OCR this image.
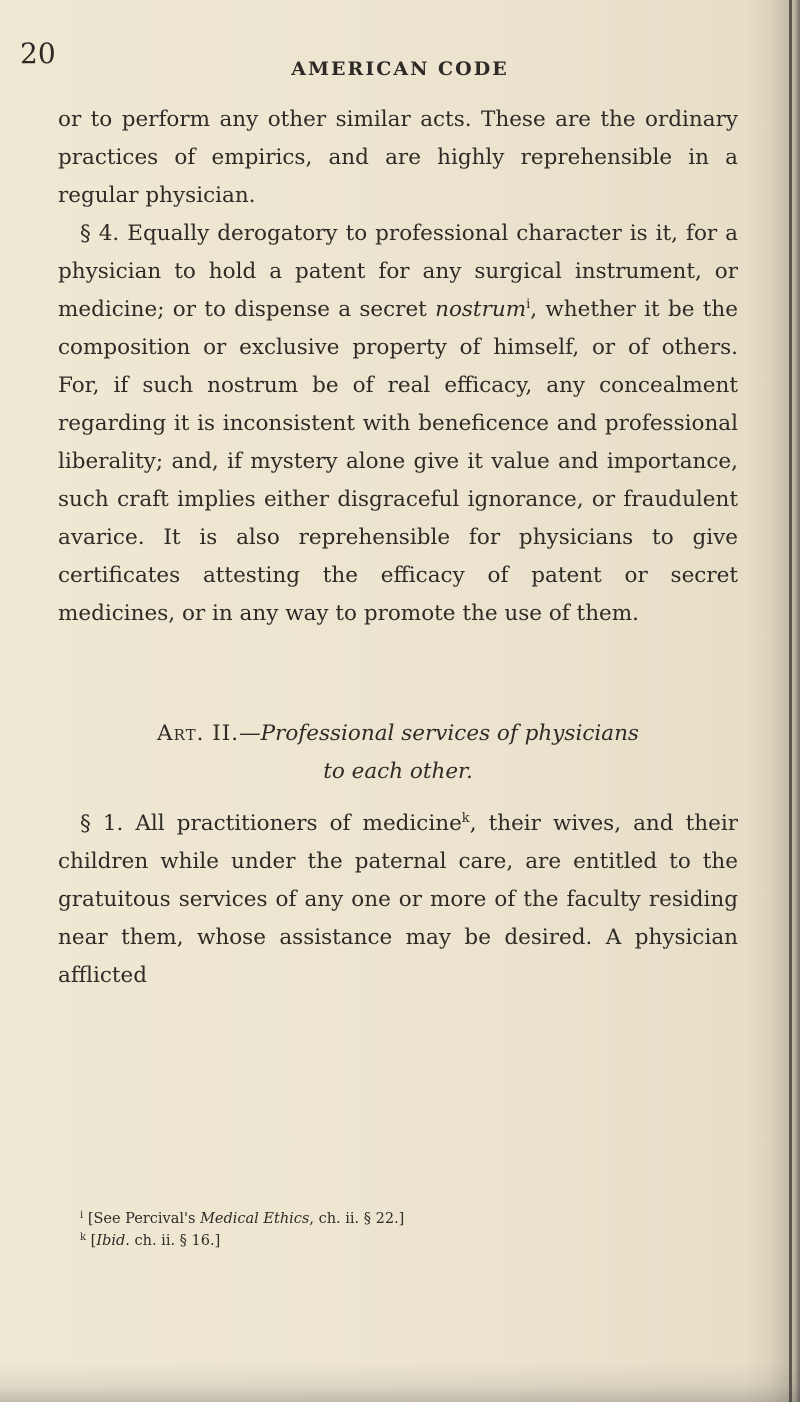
20	AMERICAN CODE

or to perform any other similar acts. These are the ordinary practices of empirics, and are highly reprehensible in a regular physician.

§ 4. Equally derogatory to professional character is it, for a physician to hold a patent for any surgical instrument, or medicine; or to dispense a secret nostrum$^i$, whether it be the composition or exclusive property of himself, or of others. For, if such nostrum be of real efficacy, any concealment regarding it is inconsistent with beneficence and professional liberality; and, if mystery alone give it value and importance, such craft implies either disgraceful ignorance, or fraudulent avarice. It is also reprehensible for physicians to give certificates attesting the efficacy of patent or secret medicines, or in any way to promote the use of them.

Art. II.—Professional services of physicians
to each other.

§ 1. All practitioners of medicine$^k$, their wives, and their children while under the paternal care, are entitled to the gratuitous services of any one or more of the faculty residing near them, whose assistance may be desired. A physician afflicted

$^i$ [See Percival's Medical Ethics, ch. ii. § 22.]
$^k$ [Ibid. ch. ii. § 16.]
